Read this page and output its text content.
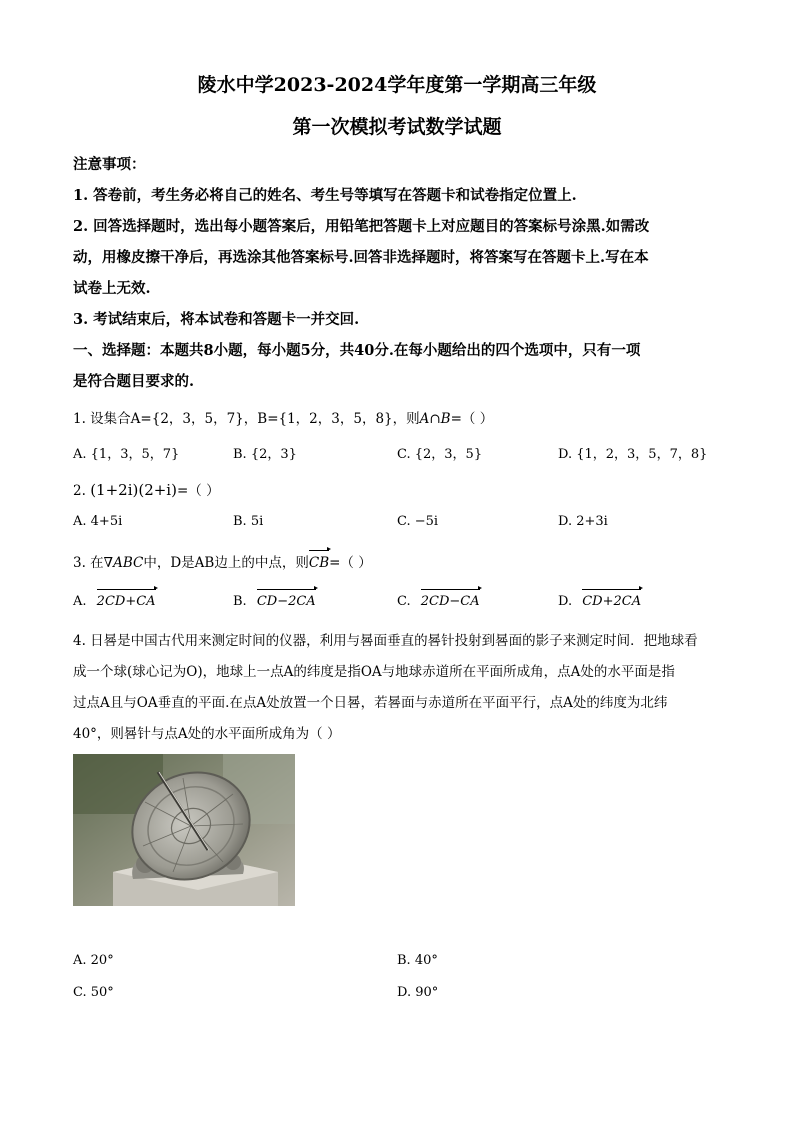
陵水中学2023-2024学年度第一学期高三年级
第一次模拟考试数学试题
注意事项：
1. 答卷前，考生务必将自己的姓名、考生号等填写在答题卡和试卷指定位置上.
2. 回答选择题时，选出每小题答案后，用铅笔把答题卡上对应题目的答案标号涂黑.如需改
动，用橡皮擦干净后，再选涂其他答案标号.回答非选择题时，将答案写在答题卡上.写在本
试卷上无效.
3. 考试结束后，将本试卷和答题卡一并交回.
一、选择题：本题共8小题，每小题5分，共40分.在每小题给出的四个选项中，只有一项
是符合题目要求的.
1. 设集合A={2，3，5，7}，B={1，2，3，5，8}，则A∩B=（ ）
A. {1，3，5，7}	B. {2，3}	C. {2，3，5}	D. {1，2，3，5，7，8}
2. (1+2i)(2+i)=（ ）
A. 4+5i	B. 5i	C. −5i	D. 2+3i
3. 在∇ABC中，D是AB边上的中点，则CB=（ ）
A. 2CD+CA	B. CD−2CA	C. 2CD−CA	D. CD+2CA
4. 日晷是中国古代用来测定时间的仪器，利用与晷面垂直的晷针投射到晷面的影子来测定时间．把地球看
成一个球(球心记为O)，地球上一点A的纬度是指OA与地球赤道所在平面所成角，点A处的水平面是指
过点A且与OA垂直的平面.在点A处放置一个日晷，若晷面与赤道所在平面平行，点A处的纬度为北纬
40°，则晷针与点A处的水平面所成角为（ ）
A. 20°	B. 40°
C. 50°	D. 90°
